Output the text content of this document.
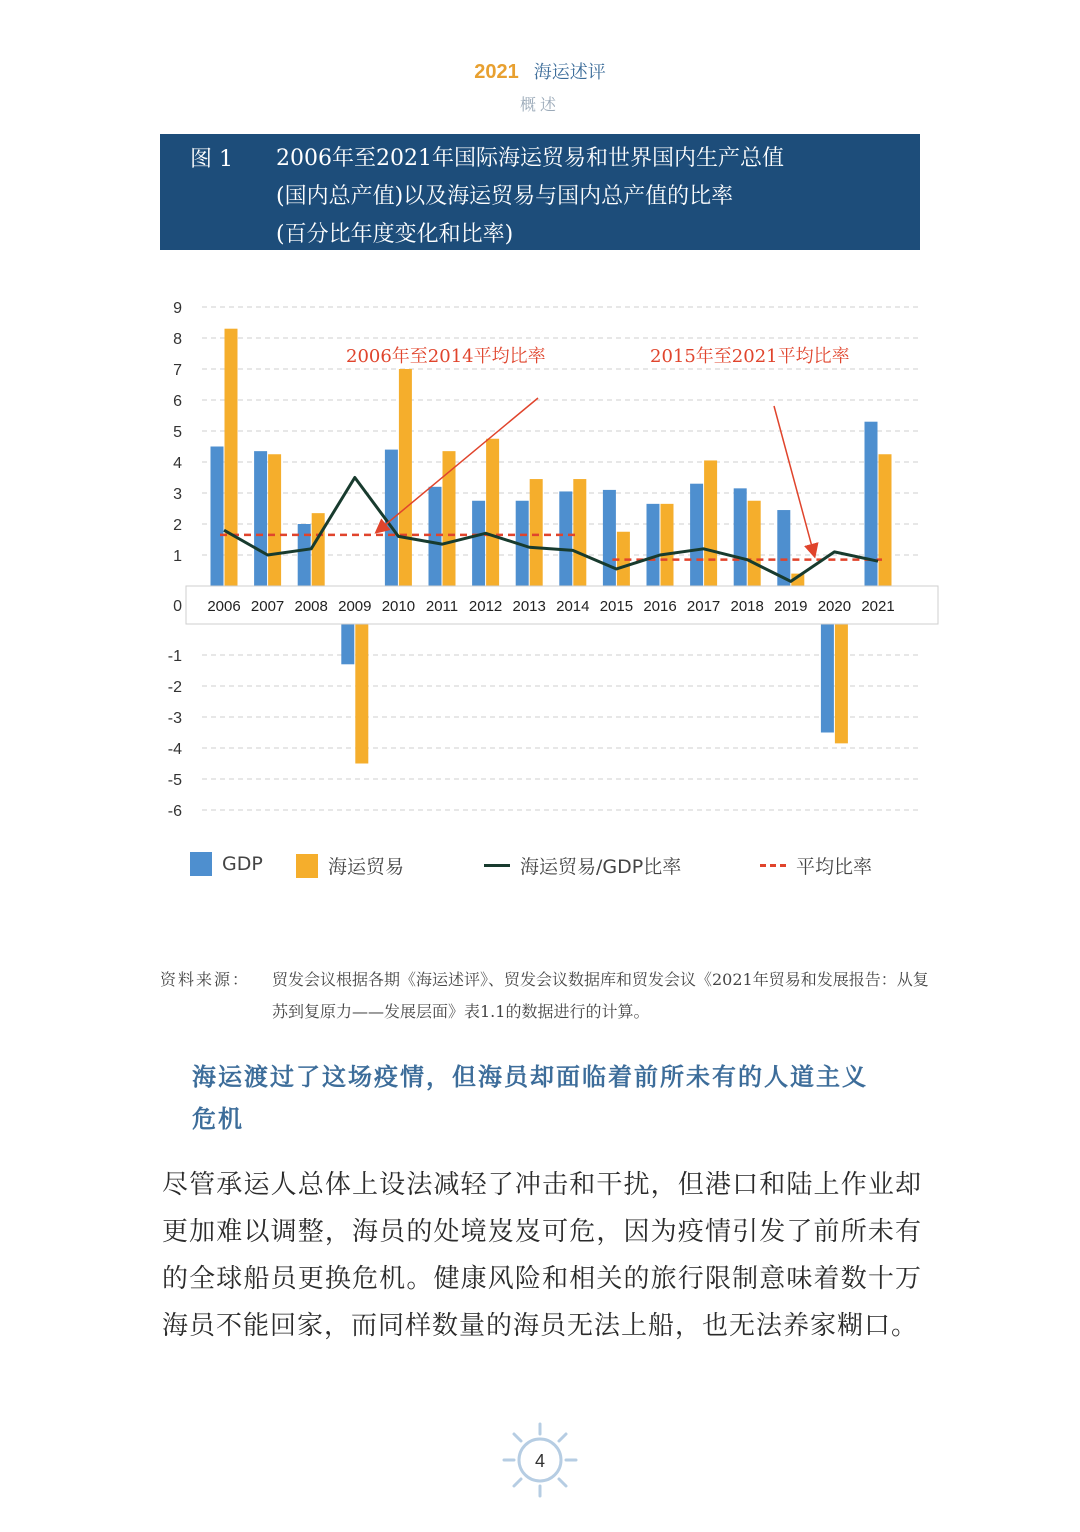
2021 海运述评
概述
图 1 2006年至2021年国际海运贸易和世界国内生产总值
(国内总产值)以及海运贸易与国内总产值的比率
(百分比年度变化和比率)
1
2
3
4
5
6
7
8
9
-1
-2
-3
-4
-5
-6
0 2006 2007 2008 2009 2010 2011 2012 2013 2014 2015 2016 2017 2018 2019 2020 2021
2006年至2014平均比率	2015年至2021平均比率
GDP	海运贸易	海运贸易/GDP比率	平均比率
资料来源： 贸发会议根据各期《海运述评》、贸发会议数据库和贸发会议《2021年贸易和发展报告：从复苏到复原力——发展层面》表1.1的数据进行的计算。
海运渡过了这场疫情，但海员却面临着前所未有的人道主义危机
尽管承运人总体上设法减轻了冲击和干扰，但港口和陆上作业却更加难以调整，海员的处境岌岌可危，因为疫情引发了前所未有的全球船员更换危机。健康风险和相关的旅行限制意味着数十万海员不能回家，而同样数量的海员无法上船，也无法养家糊口。
4
